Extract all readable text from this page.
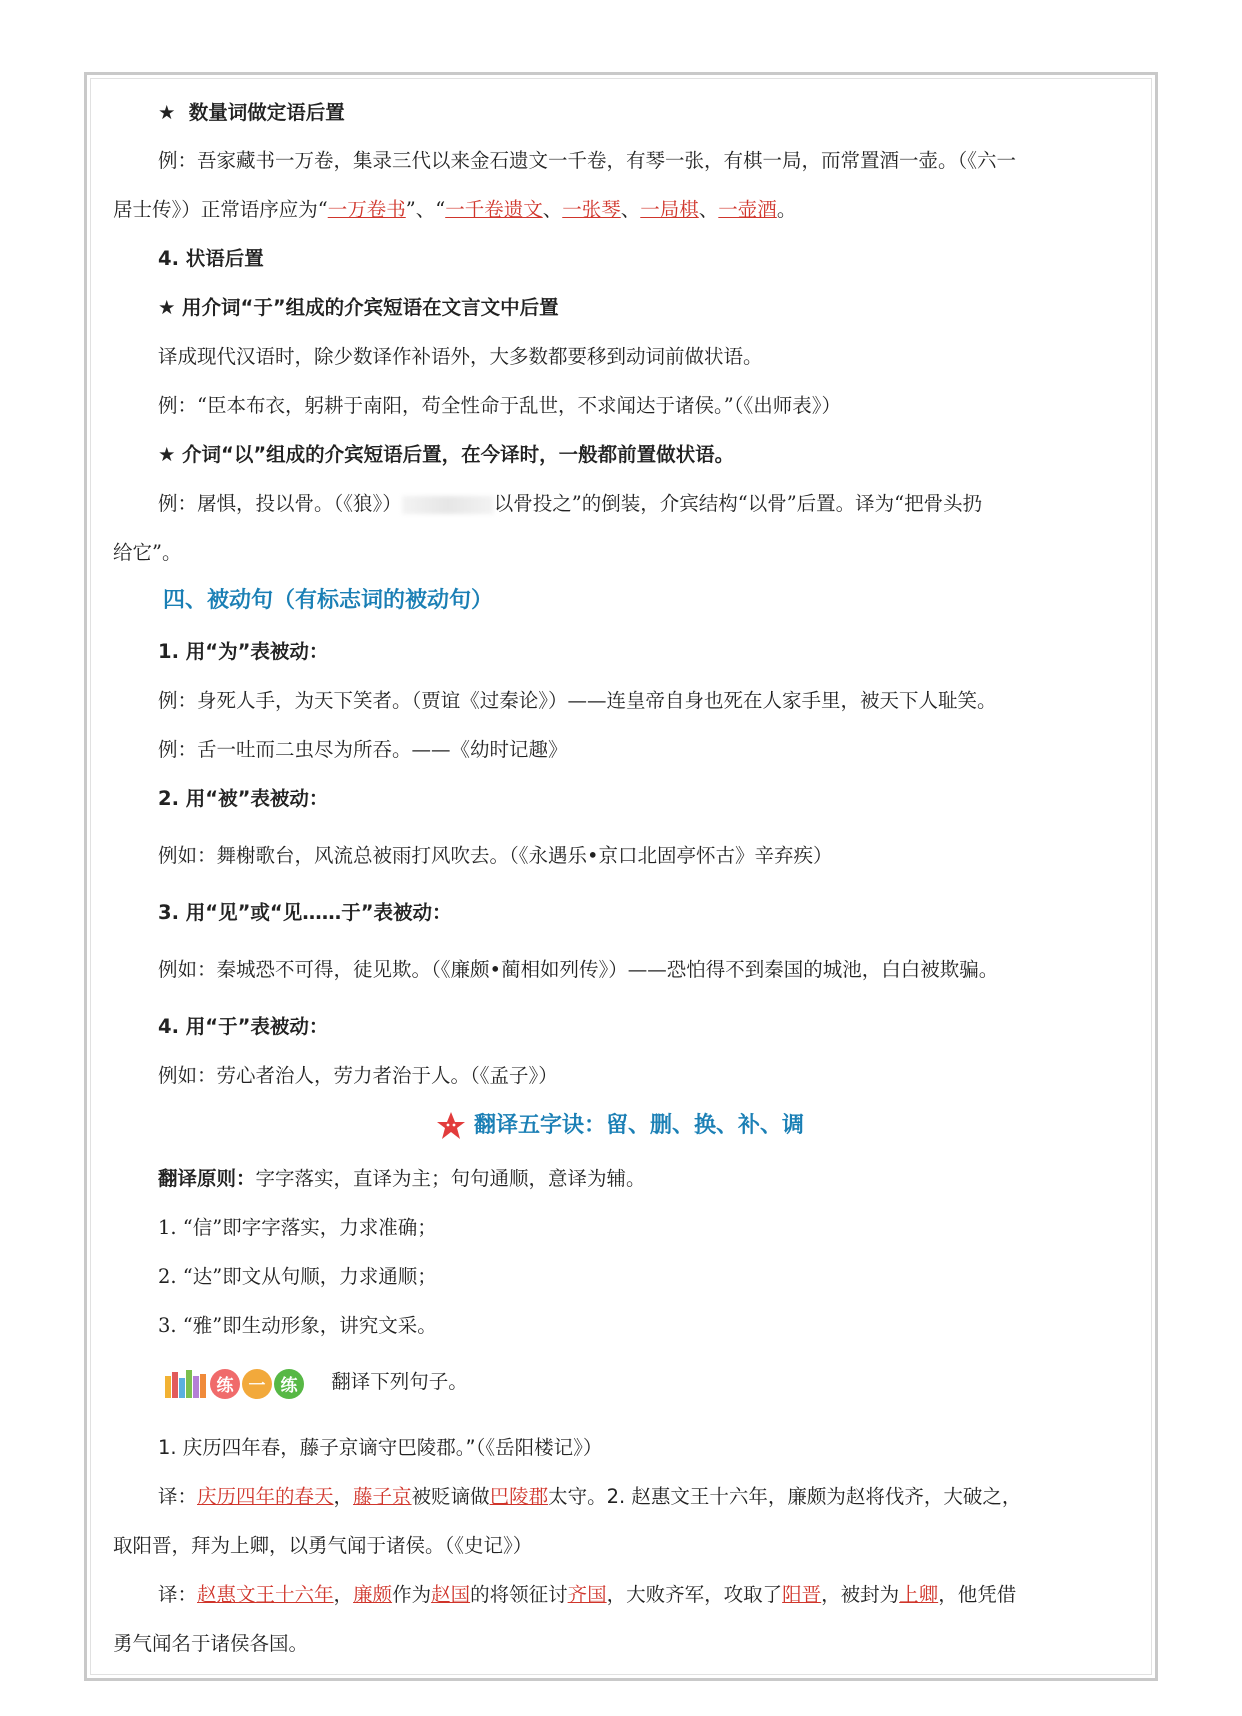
★ 数量词做定语后置
例：吾家藏书一万卷，集录三代以来金石遗文一千卷，有琴一张，有棋一局，而常置酒一壶。（《六一
居士传》）正常语序应为“一万卷书”、“一千卷遗文、一张琴、一局棋、一壶酒。
4. 状语后置
★ 用介词“于”组成的介宾短语在文言文中后置
译成现代汉语时，除少数译作补语外，大多数都要移到动词前做状语。
例：“臣本布衣，躬耕于南阳，苟全性命于乱世，不求闻达于诸侯。”（《出师表》）
★ 介词“以”组成的介宾短语后置，在今译时，一般都前置做状语。
例：屠惧，投以骨。（《狼》）	以骨投之”的倒装，介宾结构“以骨”后置。译为“把骨头扔
给它”。
四、被动句（有标志词的被动句）
1. 用“为”表被动：
例：身死人手，为天下笑者。（贾谊《过秦论》）——连皇帝自身也死在人家手里，被天下人耻笑。
例：舌一吐而二虫尽为所吞。——《幼时记趣》
2. 用“被”表被动：
例如：舞榭歌台，风流总被雨打风吹去。（《永遇乐•京口北固亭怀古》辛弃疾）
3. 用“见”或“见……于”表被动：
例如：秦城恐不可得，徒见欺。（《廉颇•蔺相如列传》）——恐怕得不到秦国的城池，白白被欺骗。
4. 用“于”表被动：
例如：劳心者治人，劳力者治于人。（《孟子》）
翻译五字诀：留、删、换、补、调
翻译原则：字字落实，直译为主；句句通顺，意译为辅。
1. “信”即字字落实，力求准确；
2. “达”即文从句顺，力求通顺；
3. “雅”即生动形象，讲究文采。
练 一 练 翻译下列句子。
1. 庆历四年春，藤子京谪守巴陵郡。”（《岳阳楼记》）
译：庆历四年的春天，藤子京被贬谪做巴陵郡太守。2. 赵惠文王十六年，廉颇为赵将伐齐，大破之，
取阳晋，拜为上卿，以勇气闻于诸侯。（《史记》）
译：赵惠文王十六年，廉颇作为赵国的将领征讨齐国，大败齐军，攻取了阳晋，被封为上卿，他凭借
勇气闻名于诸侯各国。
